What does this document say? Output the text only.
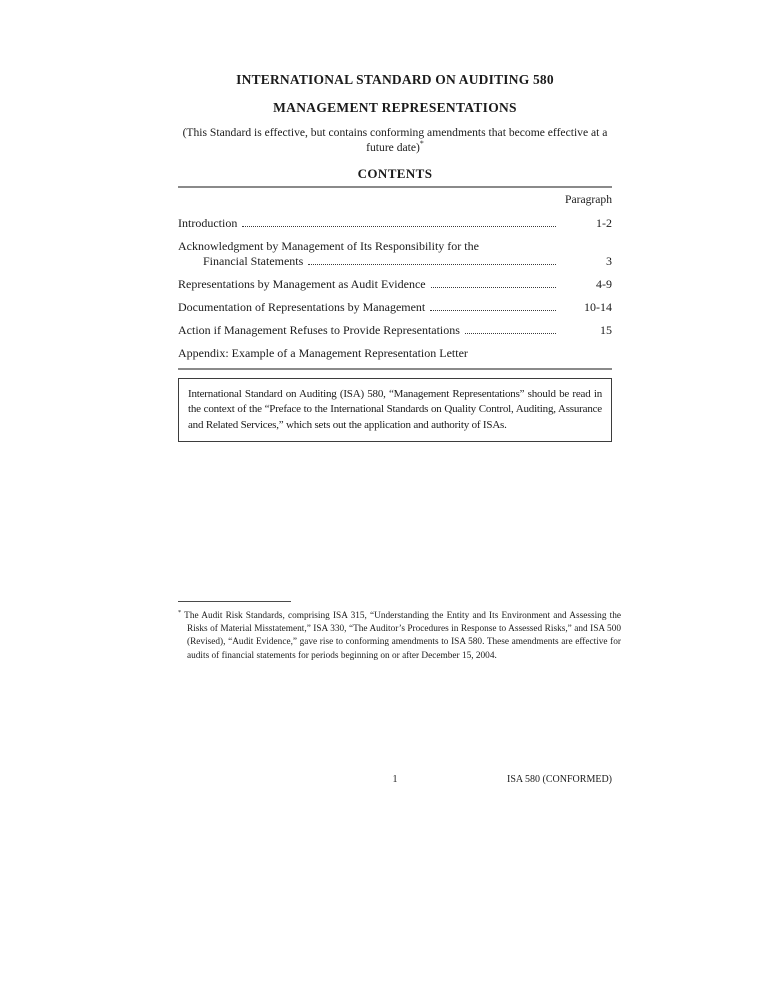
INTERNATIONAL STANDARD ON AUDITING 580
MANAGEMENT REPRESENTATIONS
(This Standard is effective, but contains conforming amendments that become effective at a future date)*
CONTENTS
Paragraph
Introduction	1-2
Acknowledgment by Management of Its Responsibility for the
Financial Statements	3
Representations by Management as Audit Evidence	4-9
Documentation of Representations by Management	10-14
Action if Management Refuses to Provide Representations	15
Appendix: Example of a Management Representation Letter

International Standard on Auditing (ISA) 580, “Management Representations” should be read in the context of the “Preface to the International Standards on Quality Control, Auditing, Assurance and Related Services,” which sets out the application and authority of ISAs.

* The Audit Risk Standards, comprising ISA 315, “Understanding the Entity and Its Environment and Assessing the Risks of Material Misstatement,” ISA 330, “The Auditor’s Procedures in Response to Assessed Risks,” and ISA 500 (Revised), “Audit Evidence,” gave rise to conforming amendments to ISA 580. These amendments are effective for audits of financial statements for periods beginning on or after December 15, 2004.
1	ISA 580 (CONFORMED)
